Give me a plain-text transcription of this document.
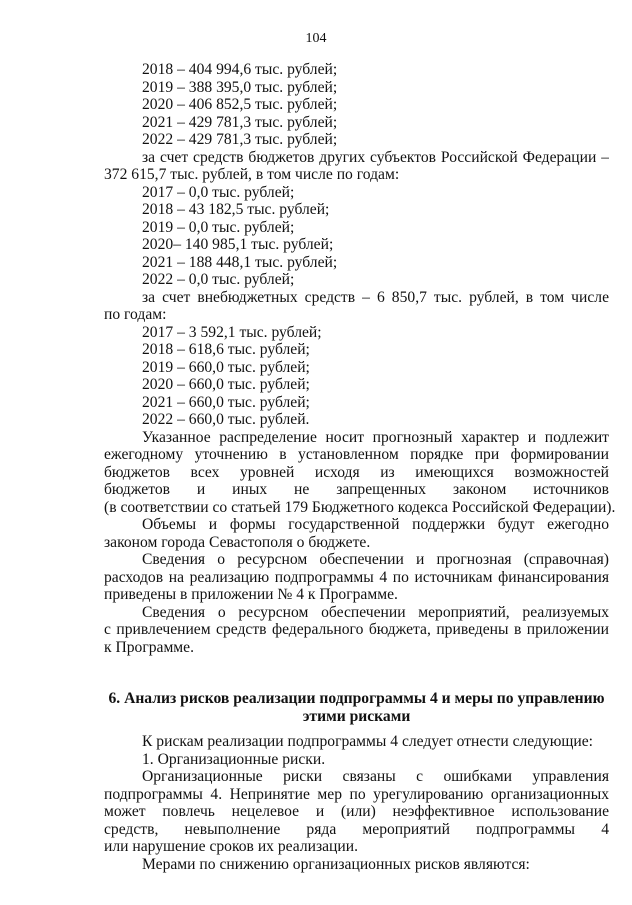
104
2018 – 404 994,6 тыс. рублей;
2019 – 388 395,0 тыс. рублей;
2020 – 406 852,5 тыс. рублей;
2021 – 429 781,3 тыс. рублей;
2022 – 429 781,3 тыс. рублей;
за счет средств бюджетов других субъектов Российской Федерации –
372 615,7 тыс. рублей, в том числе по годам:
2017 – 0,0 тыс. рублей;
2018 – 43 182,5 тыс. рублей;
2019 – 0,0 тыс. рублей;
2020– 140 985,1 тыс. рублей;
2021 – 188 448,1 тыс. рублей;
2022 – 0,0 тыс. рублей;
за счет внебюджетных средств – 6 850,7 тыс. рублей, в том числе
по годам:
2017 – 3 592,1 тыс. рублей;
2018 – 618,6 тыс. рублей;
2019 – 660,0 тыс. рублей;
2020 – 660,0 тыс. рублей;
2021 – 660,0 тыс. рублей;
2022 – 660,0 тыс. рублей.
Указанное распределение носит прогнозный характер и подлежит
ежегодному уточнению в установленном порядке при формировании
бюджетов всех уровней исходя из имеющихся возможностей
бюджетов и иных не запрещенных законом источников
(в соответствии со статьей 179 Бюджетного кодекса Российской Федерации).
Объемы и формы государственной поддержки будут ежегодно
законом города Севастополя о бюджете.
Сведения о ресурсном обеспечении и прогнозная (справочная)
расходов на реализацию подпрограммы 4 по источникам финансирования
приведены в приложении № 4 к Программе.
Сведения о ресурсном обеспечении мероприятий, реализуемых
с привлечением средств федерального бюджета, приведены в приложении
к Программе.
6. Анализ рисков реализации подпрограммы 4 и меры по управлению
этими рисками
К рискам реализации подпрограммы 4 следует отнести следующие:
1. Организационные риски.
Организационные риски связаны с ошибками управления
подпрограммы 4. Непринятие мер по урегулированию организационных
может повлечь нецелевое и (или) неэффективное использование
средств, невыполнение ряда мероприятий подпрограммы 4
или нарушение сроков их реализации.
Мерами по снижению организационных рисков являются:
